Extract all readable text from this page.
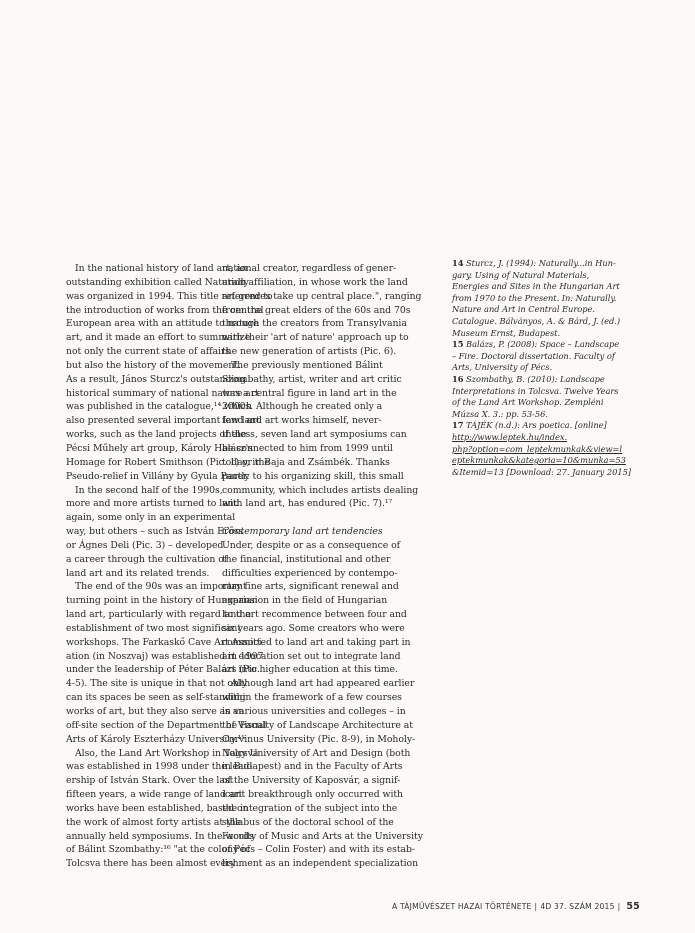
In the national history of land art, an
outstanding exhibition called Naturally
was organized in 1994. This title referred to
the introduction of works from the central
European area with an attitude to nature
art, and it made an effort to summarize
not only the current state of affairs
but also the history of the movement.
As a result, János Sturcz's outstanding
historical summary of national nature art
was published in the catalogue,¹⁴ which
also presented several important land art
works, such as the land projects of the
Pécsi Műhely art group, Károly Halász's
Homage for Robert Smithson (Pic. 1) or the
Pseudo-relief in Villány by Gyula Pauer.

In the second half of the 1990s,
more and more artists turned to land
again, some only in an experimental
way, but others – such as István Erőss
or Ágnes Deli (Pic. 3) – developed
a career through the cultivation of
land art and its related trends.

The end of the 90s was an important
turning point in the history of Hungarian
land art, particularly with regard to the
establishment of two most significant
workshops. The Farkaskő Cave Art Associ-
ation (in Noszvaj) was established in 1997
under the leadership of Péter Balázs (Pic.
4-5). The site is unique in that not only
can its spaces be seen as self-standing
works of art, but they also serve as an
off-site section of the Department of Visual
Arts of Károly Eszterházy University.¹⁵

Also, the Land Art Workshop in Tolcsva
was established in 1998 under the lead-
ership of István Stark. Over the last
fifteen years, a wide range of land art
works have been established, based on
the work of almost forty artists at the
annually held symposiums. In the words
of Bálint Szombathy:¹⁶ "at the colony of
Tolcsva there has been almost every

national creator, regardless of gener-
ation affiliation, in whose work the land
art genres take up central place.", ranging
from the great elders of the 60s and 70s
through the creators from Transylvania
with their 'art of nature' approach up to
the new generation of artists (Pic. 6).

The previously mentioned Bálint
Szombathy, artist, writer and art critic
was a central figure in land art in the
2000s. Although he created only a
few land art works himself, never-
theless, seven land art symposiums can
be connected to him from 1999 until
today, in Baja and Zsámbék. Thanks
partly to his organizing skill, this small
community, which includes artists dealing
with land art, has endured (Pic. 7).¹⁷

Contemporary land art tendencies

Under, despite or as a consequence of
the financial, institutional and other
difficulties experienced by contempo-
rary fine arts, significant renewal and
expansion in the field of Hungarian
land art recommence between four and
six years ago. Some creators who were
committed to land art and taking part in
art education set out to integrate land
art into higher education at this time.

Although land art had appeared earlier
within the framework of a few courses
in various universities and colleges – in
the Faculty of Landscape Architecture at
Corvinus University (Pic. 8-9), in Moholy-
Nagy University of Art and Design (both
in Budapest) and in the Faculty of Arts
of the University of Kaposvár, a signif-
icant breakthrough only occurred with
the integration of the subject into the
syllabus of the doctoral school of the
Faculty of Music and Arts at the University
of Pécs – Colin Foster) and with its estab-
lishment as an independent specialization

14 Sturcz, J. (1994): Naturally...in Hun-
gary. Using of Natural Materials,
Energies and Sites in the Hungarian Art
from 1970 to the Present. In: Naturally.
Nature and Art in Central Europe.
Catalogue. Bálványos, A. & Bárd, J. (ed.)
Museum Ernst, Budapest.

15 Balázs, P. (2008): Space – Landscape
– Fire. Doctoral dissertation. Faculty of
Arts, University of Pécs.

16 Szombathy, B. (2010): Landscape
Interpretations in Tolcsva. Twelve Years
of the Land Art Workshop. Zempléni
Múzsa X. 3.: pp. 53-56.

17 TÁJÉK (n.d.): Ars poetica. [online]
http://www.leptek.hu/index.
php?option=com_leptekmunkak&view=l
eptekmunkak&kategoria=10&munka=53
&Itemid=13 [Download: 27. January 2015]

A TÁJMŰVÉSZET HAZAI TÖRTÉNETE | 4D 37. SZÁM 2015 | 55
